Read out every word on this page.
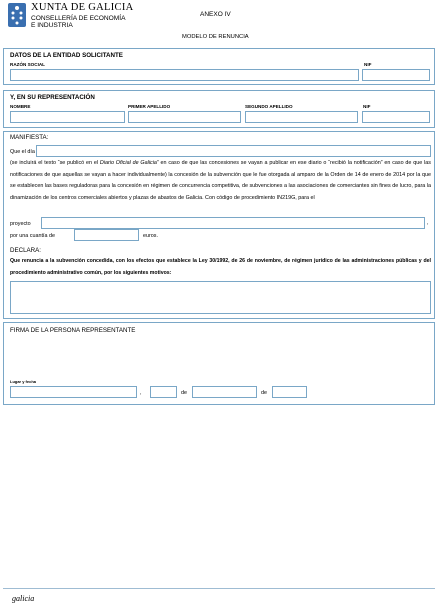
XUNTA DE GALICIA
CONSELLERÍA DE ECONOMÍA
E INDUSTRIA
ANEXO IV
MODELO DE RENUNCIA
DATOS DE LA ENTIDAD SOLICITANTE
RAZÓN SOCIAL	NIF
Y, EN SU REPRESENTACIÓN
NOMBRE	PRIMER APELLIDO	SEGUNDO APELLIDO	NIF
MANIFIESTA:
Que el día
(se incluirá el texto “se publicó en el Diario Oficial de Galicia” en caso de que las concesiones se vayan a publicar en ese diario o “recibió la notificación” en caso de que las notificaciones de que aquellas se vayan a hacer individualmente) la concesión de la subvención que le fue otorgada al amparo de la Orden de 14 de enero de 2014 por la que se establecen las bases reguladoras para la concesión en régimen de concurrencia competitiva, de subvenciones a las asociaciones de comerciantes sin fines de lucro, para la dinamización de los centros comerciales abiertos y plazas de abastos de Galicia. Con código de procedimiento IN219G, para el
proyecto	,
por una cuantía de	euros.
DECLARA:
Que renuncia a la subvención concedida, con los efectos que establece la Ley 30/1992, de 26 de noviembre, de régimen jurídico de las administraciones públicas y del procedimiento administrativo común, por los siguientes motivos:
FIRMA DE LA PERSONA REPRESENTANTE
Lugar y fecha
,	de	de
galicia
